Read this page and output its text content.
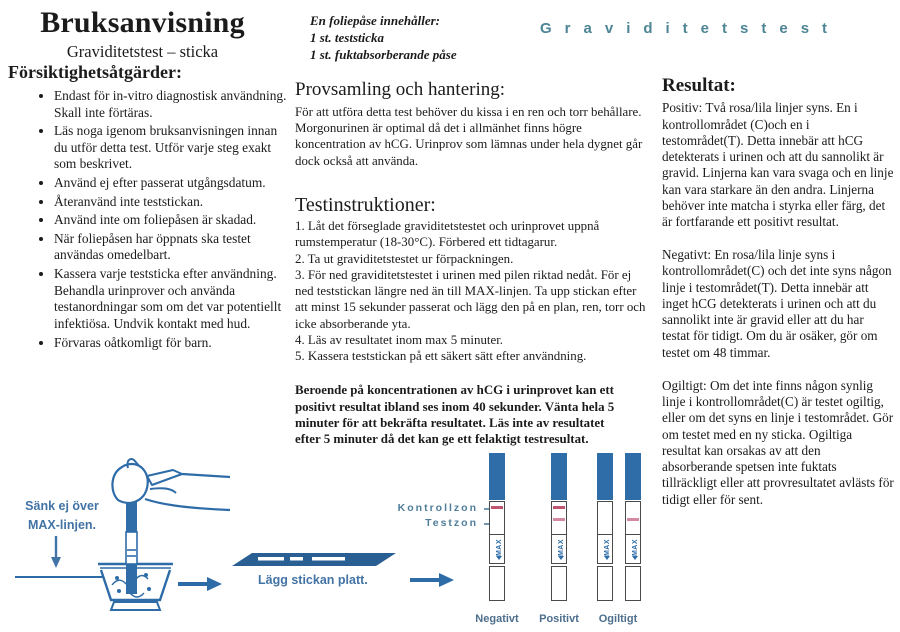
Bruksanvisning
Graviditetstest – sticka
En foliepåse innehåller:
1 st. teststicka
1 st. fuktabsorberande påse
Graviditetstest
Försiktighetsåtgärder:
• Endast för in-vitro diagnostisk användning. Skall inte förtäras.
• Läs noga igenom bruksanvisningen innan du utför detta test. Utför varje steg exakt som beskrivet.
• Använd ej efter passerat utgångsdatum.
• Återanvänd inte teststickan.
• Använd inte om foliepåsen är skadad.
• När foliepåsen har öppnats ska testet användas omedelbart.
• Kassera varje teststicka efter användning. Behandla urinprover och använda testanordningar som om det var potentiellt infektiösa. Undvik kontakt med hud.
• Förvaras oåtkomligt för barn.
Provsamling och hantering:

För att utföra detta test behöver du kissa i en ren och torr behållare. Morgonurinen är optimal då det i allmänhet finns högre koncentration av hCG. Urinprov som lämnas under hela dygnet går dock också att använda.

Testinstruktioner:

1. Låt det förseglade graviditetstestet och urinprovet uppnå rumstemperatur (18-30°C). Förbered ett tidtagarur.

2. Ta ut graviditetstestet ur förpackningen.

3. För ned graviditetstestet i urinen med pilen riktad nedåt. För ej ned teststickan längre ned än till MAX-linjen. Ta upp stickan efter att minst 15 sekunder passerat och lägg den på en plan, ren, torr och icke absorberande yta.

4. Läs av resultatet inom max 5 minuter.

5. Kassera teststickan på ett säkert sätt efter användning.

Beroende på koncentrationen av hCG i urinprovet kan ett positivt resultat ibland ses inom 40 sekunder. Vänta hela 5 minuter för att bekräfta resultatet. Läs inte av resultatet efter 5 minuter då det kan ge ett felaktigt testresultat.

Resultat:

Positiv: Två rosa/lila linjer syns. En i kontrollområdet (C)och en i testområdet(T). Detta innebär att hCG detekterats i urinen och att du sannolikt är gravid. Linjerna kan vara svaga och en linje kan vara starkare än den andra. Linjerna behöver inte matcha i styrka eller färg, det är fortfarande ett positivt resultat.

Negativt: En rosa/lila linje syns i kontrollområdet(C) och det inte syns någon linje i testområdet(T). Detta innebär att inget hCG detekterats i urinen och att du sannolikt inte är gravid eller att du har testat för tidigt. Om du är osäker, gör om testet om 48 timmar.

Ogiltigt: Om det inte finns någon synlig linje i kontrollområdet(C) är testet ogiltig, eller om det syns en linje i testområdet. Gör om testet med en ny sticka. Ogiltiga resultat kan orsakas av att den absorberande spetsen inte fuktats tillräckligt eller att provresultatet avlästs för tidigt eller för sent.

Sänk ej över
MAX-linjen.
Lägg stickan platt.
Kontrollzon
Testzon
MAX	MAX	MAX	MAX
Negativt	Positivt	Ogiltigt
